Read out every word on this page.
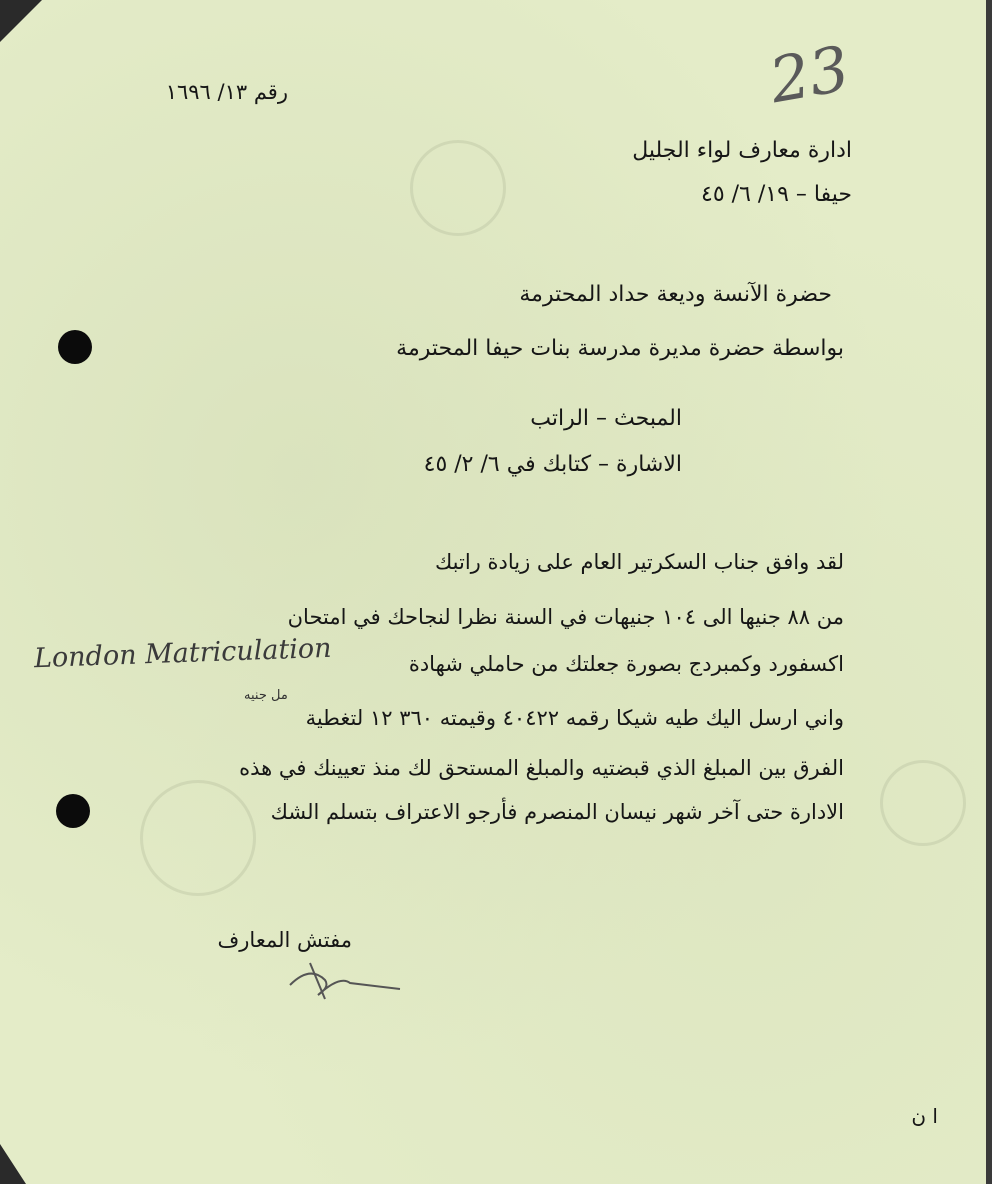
رقم ١٣/ ١٦٩٦	23
ادارة معارف لواء الجليل
حيفا – ١٩/ ٦/ ٤٥
حضرة الآنسة وديعة حداد المحترمة
بواسطة حضرة مديرة مدرسة بنات حيفا المحترمة
المبحث – الراتب
الاشارة – كتابك في ٦/ ٢/ ٤٥
لقد وافق جناب السكرتير العام على زيادة راتبك
من ٨٨ جنيها الى ١٠٤ جنيهات في السنة نظرا لنجاحك في امتحان
اكسفورد وكمبردج بصورة جعلتك من حاملي شهادة
London Matriculation
مل جنيه
واني ارسل اليك طيه شيكا رقمه ٤٠٤٢٢ وقيمته ٣٦٠ ١٢ لتغطية
الفرق بين المبلغ الذي قبضتيه والمبلغ المستحق لك منذ تعيينك في هذه
الادارة حتى آخر شهر نيسان المنصرم فأرجو الاعتراف بتسلم الشك
مفتش المعارف
ا ن
